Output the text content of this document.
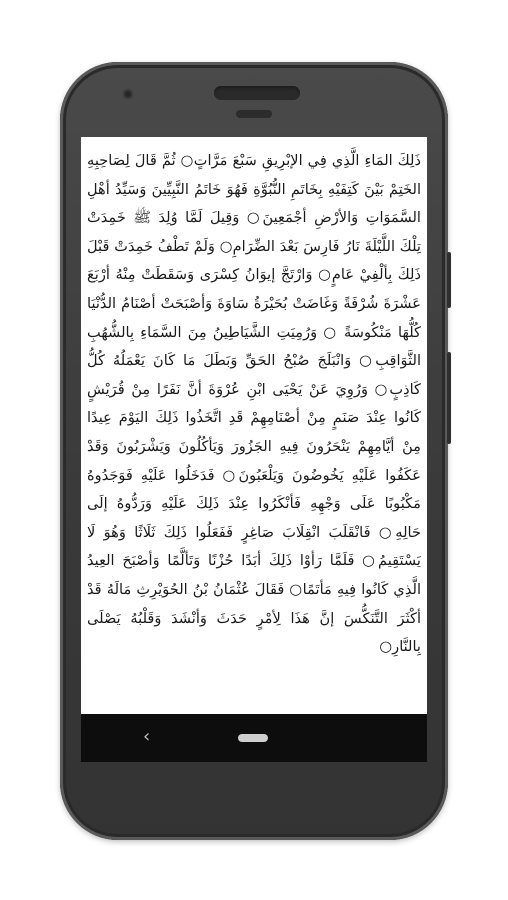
ذَلِكَ المَاءِ الَّذِي فِي الإبْرِيقِ سَبْعَ مَرَّاتٍ○ ثُمَّ قَالَ لِصَاحِبِهِ الخَتِمْ بَيْنَ كَتِفَيْهِ بِخَاتَمِ النُّبُوَّةِ فَهُوَ خَاتَمُ النَّبِيِّينَ وَسَيِّدُ أهْلِ السَّمَوَاتِ وَالأرْضِ أجْمَعِينَ○ وَقِيلَ لَمَّا وُلِدَ ﷺ خَمِدَتْ تِلْكَ اللَّيْلَةَ نَارُ فَارِسَ بَعْدَ الضِّرَامِ○ وَلَمْ تَطْفُ خَمِدَتْ قَبْلَ ذَلِكَ بِألْفِيْ عَامٍ○ وَارْتَجَّ إيوَانُ كِسْرَى وَسَقَطَتْ مِنْهُ أرْبَعَ عَشْرَةَ شُرْفَةً وَغَاضَتْ بُحَيْرَةُ سَاوَةَ وَأصْبَحَتْ أصْنَامُ الدُّنْيَا كُلُّهَا مَنْكُوسَةً ○ وَرُمِيَتِ الشَّيَاطِينُ مِنَ السَّمَاءِ بِالشُّهُبِ الثَّوَاقِبِ○ وَانْبَلَجَ صُبْحُ الحَقِّ وَبَطَلَ مَا كَانَ يَعْمَلُهُ كُلُّ كَاذِبٍ○ وَرُوِيَ عَنْ يَحْيَى ابْنِ عُرْوَةَ أنَّ نَفَرًا مِنْ قُرَيْشٍ كَانُوا عِنْدَ صَنَمٍ مِنْ أصْنَامِهِمْ قَدِ اتَّخَذُوا ذَلِكَ اليَوْمَ عِيدًا مِنْ أيَّامِهِمْ يَنْحَرُونَ فِيهِ الجَزُورَ وَيَأكُلُونَ وَيَشْرَبُونَ وَقَدْ عَكَفُوا عَلَيْهِ يَخُوضُونَ وَيَلْعَبُونَ○ فَدَخَلُوا عَلَيْهِ فَوَجَدُوهُ مَكْبُوبًا عَلَى وَجْهِهِ فَأنْكَرُوا عِنْدَ ذَلِكَ عَلَيْهِ وَرَدُّوهُ إلَى حَالِهِ○ فَانْقَلَبَ انْقِلَابَ صَاغِرٍ فَفَعَلُوا ذَلِكَ ثَلَاثًا وَهُوَ لَا يَسْتَقِيمُ○ فَلَمَّا رَأوْا ذَلِكَ أبَدًا حُزْنًا وَتَألَّمًا وَأصْبَحَ العِيدُ الَّذِي كَانُوا فِيهِ مَأتَمًا○ فَقَالَ عُثْمَانُ بْنُ الحُوَيْرِثِ مَالَهُ قَدْ أكْثَرَ التَّنَكُّسَ إنَّ هَذَا لِأمْرٍ حَدَثَ وَأنْشَدَ وَقَلْبُهُ يَصْلَى بِالنَّارِ○
‹
